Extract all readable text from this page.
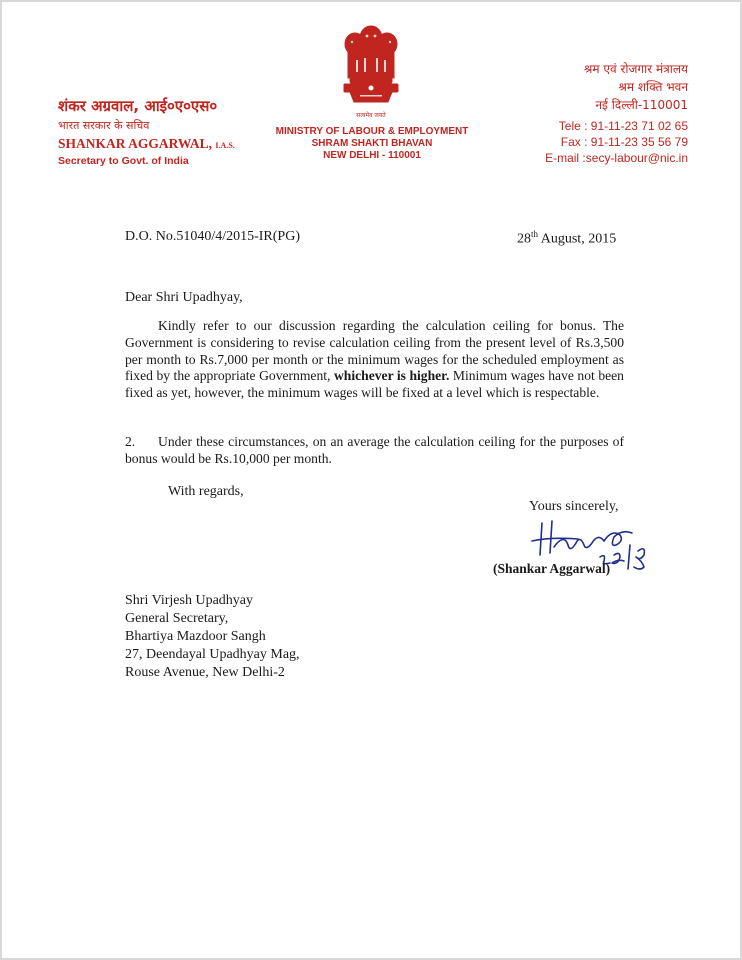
शंकर अग्रवाल, आई०ए०एस०
भारत सरकार के सचिव
SHANKAR AGGARWAL, I.A.S.
Secretary to Govt. of India
सत्यमेव जयते
MINISTRY OF LABOUR & EMPLOYMENT
SHRAM SHAKTI BHAVAN
NEW DELHI - 110001
श्रम एवं रोजगार मंत्रालय
श्रम शक्ति भवन
नई दिल्ली-110001
Tele : 91-11-23 71 02 65
Fax : 91-11-23 35 56 79
E-mail :secy-labour@nic.in
D.O. No.51040/4/2015-IR(PG)	28th August, 2015
Dear Shri Upadhyay,
Kindly refer to our discussion regarding the calculation ceiling for bonus. The Government is considering to revise calculation ceiling from the present level of Rs.3,500 per month to Rs.7,000 per month or the minimum wages for the scheduled employment as fixed by the appropriate Government, whichever is higher. Minimum wages have not been fixed as yet, however, the minimum wages will be fixed at a level which is respectable.
2. Under these circumstances, on an average the calculation ceiling for the purposes of bonus would be Rs.10,000 per month.
With regards,
Yours sincerely,
(Shankar Aggarwal)
Shri Virjesh Upadhyay
General Secretary,
Bhartiya Mazdoor Sangh
27, Deendayal Upadhyay Mag,
Rouse Avenue, New Delhi-2
